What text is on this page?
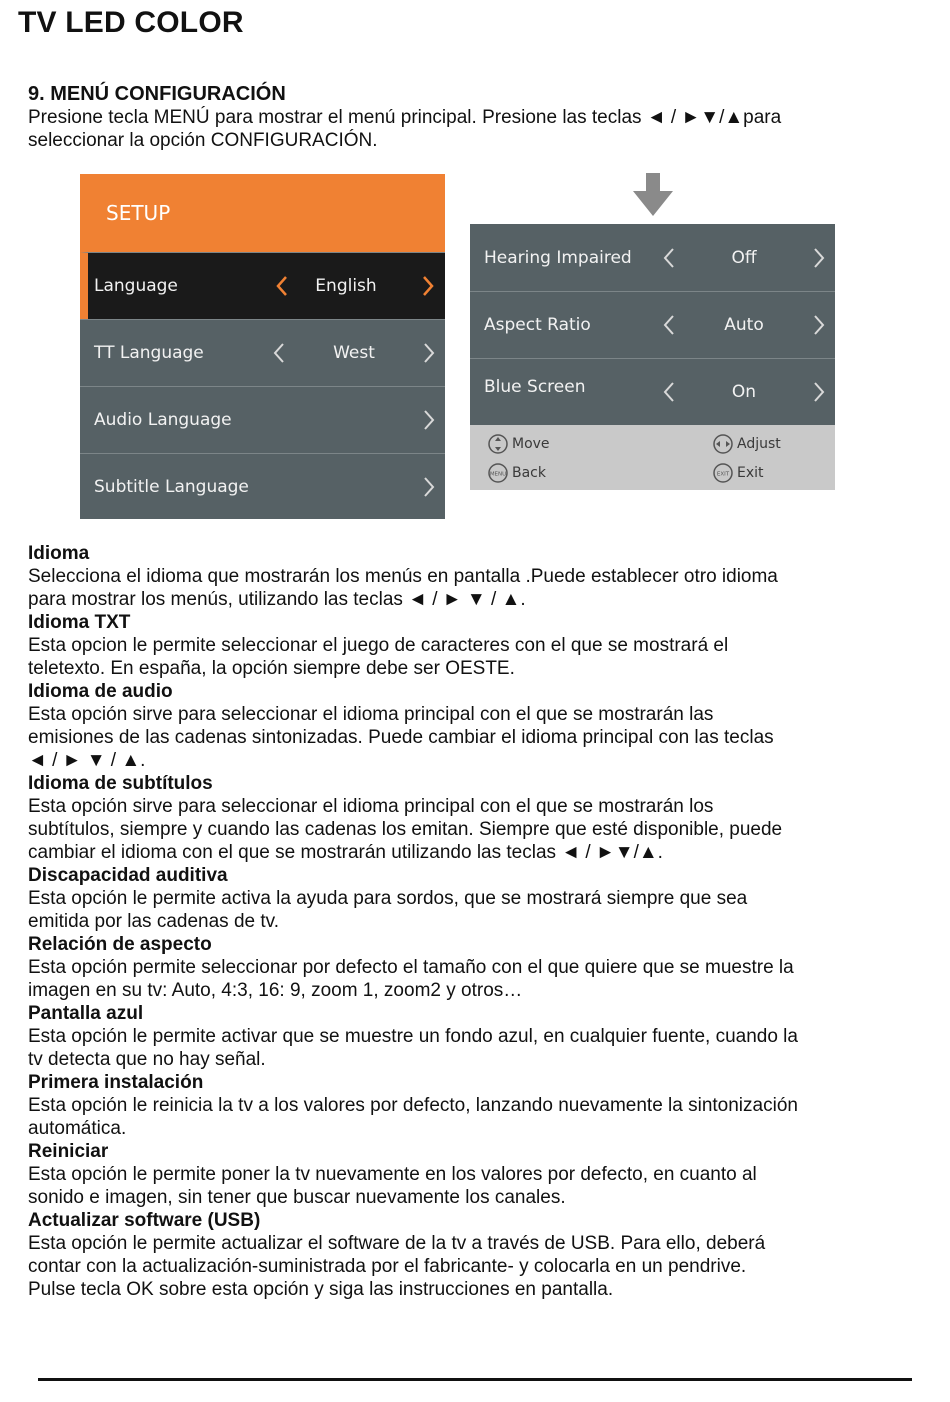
TV LED COLOR
9. MENÚ CONFIGURACIÓN

Presione tecla MENÚ para mostrar el menú principal. Presione las teclas ◄ / ►▼/▲para

seleccionar la opción CONFIGURACIÓN.

SETUP
Language	English
TT Language	West
Audio Language
Subtitle Language
Hearing Impaired	Off
Aspect Ratio	Auto
Blue Screen	On
Move	Adjust
MENU Back	EXIT Exit
Idioma

Selecciona el idioma que mostrarán los menús en pantalla .Puede establecer otro idioma

para mostrar los menús, utilizando las teclas ◄ / ► ▼ / ▲.

Idioma TXT

Esta opcion le permite seleccionar el juego de caracteres con el que se mostrará el

teletexto. En españa, la opción siempre debe ser OESTE.

Idioma de audio

Esta opción sirve para seleccionar el idioma principal con el que se mostrarán las

emisiones de las cadenas sintonizadas. Puede cambiar el idioma principal con las teclas

◄ / ► ▼ / ▲.

Idioma de subtítulos

Esta opción sirve para seleccionar el idioma principal con el que se mostrarán los

subtítulos, siempre y cuando las cadenas los emitan. Siempre que esté disponible, puede

cambiar el idioma con el que se mostrarán utilizando las teclas ◄ / ►▼/▲.

Discapacidad auditiva

Esta opción le permite activa la ayuda para sordos, que se mostrará siempre que sea

emitida por las cadenas de tv.

Relación de aspecto

Esta opción permite seleccionar por defecto el tamaño con el que quiere que se muestre la

imagen en su tv: Auto, 4:3, 16: 9, zoom 1, zoom2 y otros…

Pantalla azul

Esta opción le permite activar que se muestre un fondo azul, en cualquier fuente, cuando la

tv detecta que no hay señal.

Primera instalación

Esta opción le reinicia la tv a los valores por defecto, lanzando nuevamente la sintonización

automática.

Reiniciar

Esta opción le permite poner la tv nuevamente en los valores por defecto, en cuanto al

sonido e imagen, sin tener que buscar nuevamente los canales.

Actualizar software (USB)

Esta opción le permite actualizar el software de la tv a través de USB. Para ello, deberá

contar con la actualización-suministrada por el fabricante- y colocarla en un pendrive.

Pulse tecla OK sobre esta opción y siga las instrucciones en pantalla.
